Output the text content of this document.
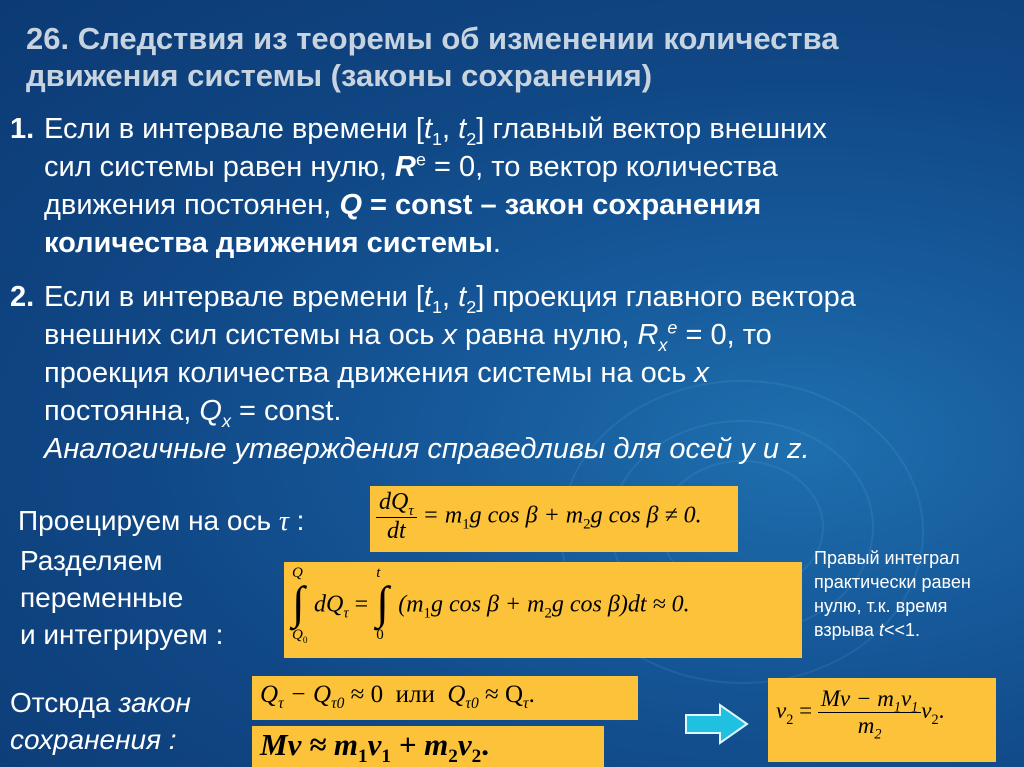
26. Следствия из теоремы об изменении количества
движения системы (законы сохранения)
1. Если в интервале времени [$t_1$, $t_2$] главный вектор внешних
сил системы равен нулю, $R^e = 0$, то вектор количества
движения постоянен, Q = const – закон сохранения
количества движения системы.
2. Если в интервале времени [$t_1$, $t_2$] проекция главного вектора
внешних сил системы на ось x равна нулю, $R_x^e = 0$, то
проекция количества движения системы на ось x
постоянна, $Q_x$ = const.
Аналогичные утверждения справедливы для осей y и z.
Проецируем на ось τ :
Разделяем
переменные
и интегрируем :
Отсюда закон
сохранения :
$\frac{dQ_\tau}{dt} = m_1g$ $\cos \beta + m_2g$ cos β ≠ 0.
Q
∫
$Q_0$
$dQ_\tau$ =
t
∫
0
($m_1g$ $\cos \beta + m_2g$ cos β)dt ≈ 0.
$Q_\tau - Q_{\tau 0} \approx 0$ или $Q_{\tau 0} \approx Q_\tau$.
$Mv \approx m_1v_1 + m_2v_2$.
$v_2 = \frac{Mv - m_1v_1}{m_2} v_2$.
Правый интеграл
практически равен
нулю, т.к. время
взрыва t<<1.
